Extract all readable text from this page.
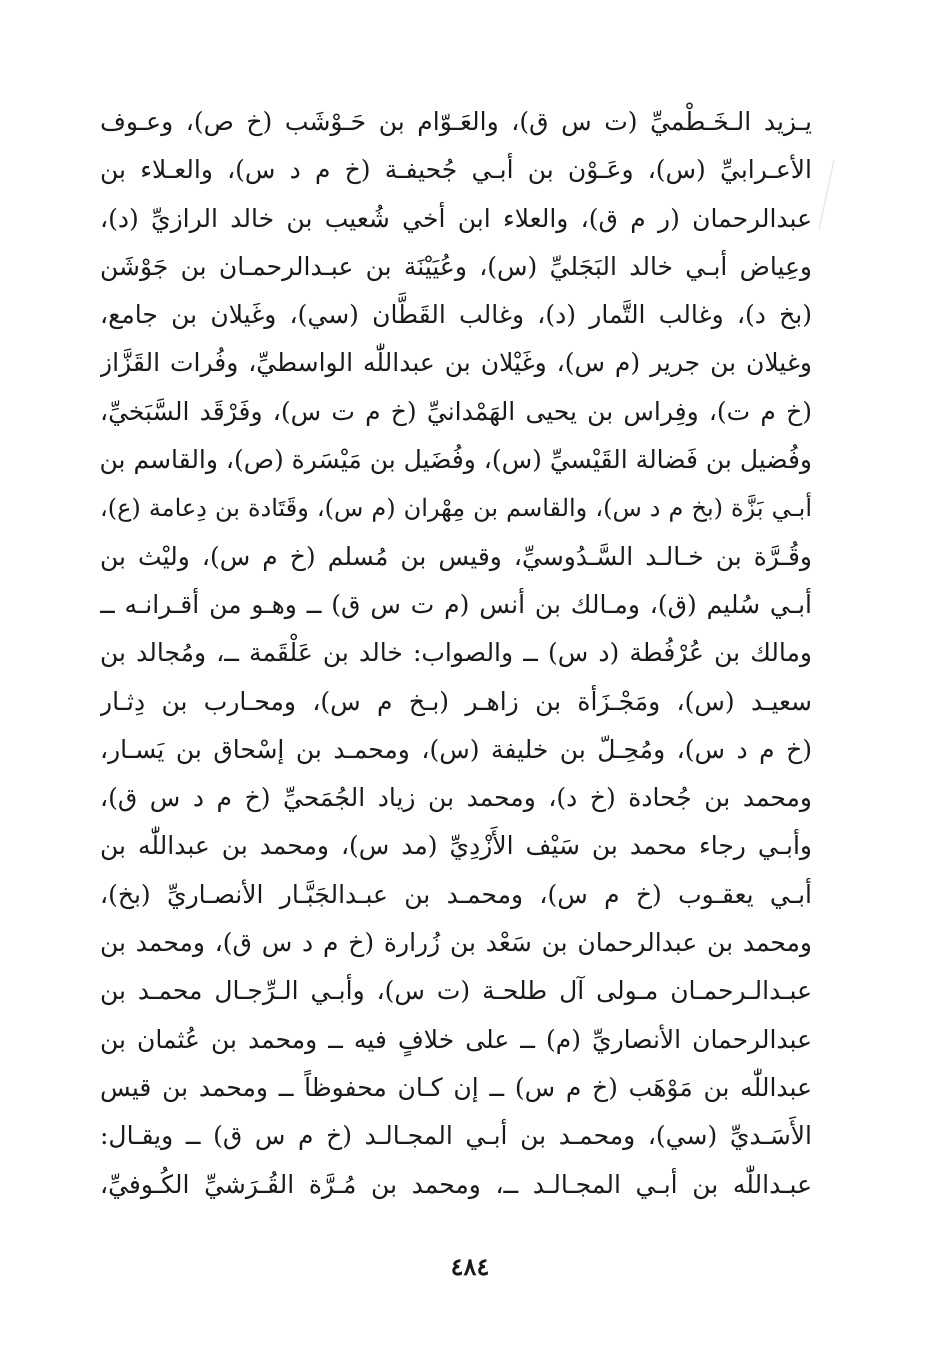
يـزيد الـخَـطْميِّ (ت س ق)، والعَـوّام بن حَـوْشَب (خ ص)، وعـوف
الأعـرابيِّ (س)، وعَـوْن بن أبـي جُحيفـة (خ م د س)، والعـلاء بن
عبدالرحمان (ر م ق)، والعلاء ابن أخي شُعيب بن خالد الرازيِّ (د)،
وعِياض أبـي خالد البَجَليِّ (س)، وعُيَيْنَة بن عبـدالرحمـان بن جَوْشَن
(بخ د)، وغالب التَّمار (د)، وغالب القَطَّان (سي)، وغَيلان بن جامع،
وغيلان بن جرير (م س)، وغَيْلان بن عبداللّٰه الواسطيِّ، وفُرات القَزَّاز
(خ م ت)، وفِراس بن يحيى الهَمْدانيِّ (خ م ت س)، وفَرْقَد السَّبَخيِّ،
وفُضيل بن فَضالة القَيْسيِّ (س)، وفُضَيل بن مَيْسَرة (ص)، والقاسم بن
أبـي بَزَّة (بخ م د س)، والقاسم بن مِهْران (م س)، وقَتَادة بن دِعامة (ع)،
وقُـرَّة بن خـالـد السَّـدُوسيِّ، وقيس بن مُسلم (خ م س)، وليْث بن
أبـي سُليم (ق)، ومـالك بن أنس (م ت س ق) ــ وهـو من أقـرانـه ــ
ومالك بن عُرْفُطة (د س) ــ والصواب: خالد بن عَلْقَمة ــ، ومُجالد بن
سعيـد (س)، ومَجْـزَأة بن زاهـر (بـخ م س)، ومحـارب بن دِثـار
(خ م د س)، ومُحِـلّ بن خليفة (س)، ومحمـد بن إسْحاق بن يَسـار،
ومحمد بن جُحادة (خ د)، ومحمد بن زياد الجُمَحيِّ (خ م د س ق)،
وأبـي رجاء محمد بن سَيْف الأَزْدِيِّ (مد س)، ومحمد بن عبداللّٰه بن
أبـي يعقـوب (خ م س)، ومحمـد بن عبـدالجَبَّـار الأنصـاريِّ (بخ)،
ومحمد بن عبدالرحمان بن سَعْد بن زُرارة (خ م د س ق)، ومحمد بن
عبـدالـرحمـان مـولى آل طلحـة (ت س)، وأبـي الـرِّجـال محمـد بن
عبدالرحمان الأنصاريِّ (م) ــ على خلافٍ فيه ــ ومحمد بن عُثمان بن
عبداللّٰه بن مَوْهَب (خ م س) ــ إن كـان محفوظاً ــ ومحمد بن قيس
الأَسَـديِّ (سي)، ومحمـد بن أبـي المجـالـد (خ م س ق) ــ ويقـال:
عبـداللّٰه بن أبـي المجـالـد ــ، ومحمد بن مُـرَّة القُـرَشيِّ الكُـوفيِّ،
٤٨٤
